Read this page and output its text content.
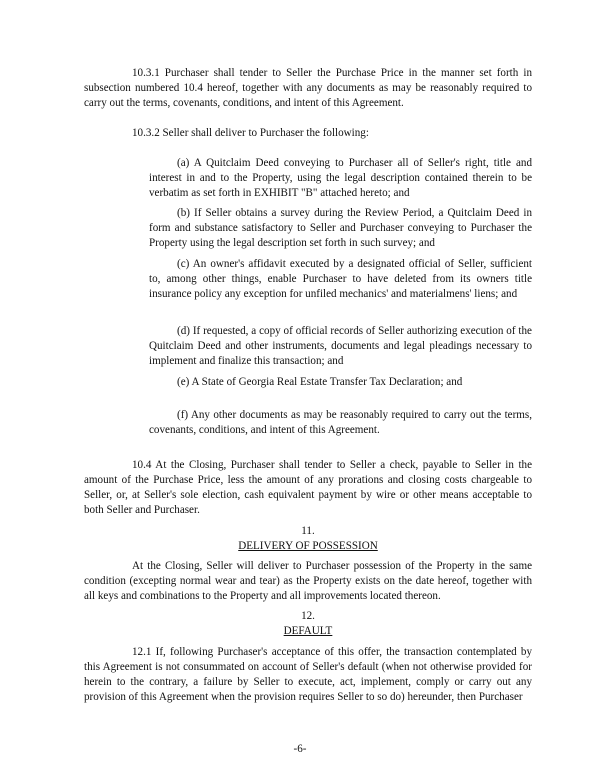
10.3.1 Purchaser shall tender to Seller the Purchase Price in the manner set forth in subsection numbered 10.4 hereof, together with any documents as may be reasonably required to carry out the terms, covenants, conditions, and intent of this Agreement.

10.3.2 Seller shall deliver to Purchaser the following:

(a) A Quitclaim Deed conveying to Purchaser all of Seller's right, title and interest in and to the Property, using the legal description contained therein to be verbatim as set forth in EXHIBIT "B" attached hereto; and

(b) If Seller obtains a survey during the Review Period, a Quitclaim Deed in form and substance satisfactory to Seller and Purchaser conveying to Purchaser the Property using the legal description set forth in such survey; and

(c) An owner's affidavit executed by a designated official of Seller, sufficient to, among other things, enable Purchaser to have deleted from its owners title insurance policy any exception for unfiled mechanics' and materialmens' liens; and

(d) If requested, a copy of official records of Seller authorizing execution of the Quitclaim Deed and other instruments, documents and legal pleadings necessary to implement and finalize this transaction; and

(e) A State of Georgia Real Estate Transfer Tax Declaration; and

(f) Any other documents as may be reasonably required to carry out the terms, covenants, conditions, and intent of this Agreement.

10.4 At the Closing, Purchaser shall tender to Seller a check, payable to Seller in the amount of the Purchase Price, less the amount of any prorations and closing costs chargeable to Seller, or, at Seller's sole election, cash equivalent payment by wire or other means acceptable to both Seller and Purchaser.

11.
DELIVERY OF POSSESSION

At the Closing, Seller will deliver to Purchaser possession of the Property in the same condition (excepting normal wear and tear) as the Property exists on the date hereof, together with all keys and combinations to the Property and all improvements located thereon.

12.
DEFAULT

12.1 If, following Purchaser's acceptance of this offer, the transaction contemplated by this Agreement is not consummated on account of Seller's default (when not otherwise provided for herein to the contrary, a failure by Seller to execute, act, implement, comply or carry out any provision of this Agreement when the provision requires Seller to so do) hereunder, then Purchaser

-6-
